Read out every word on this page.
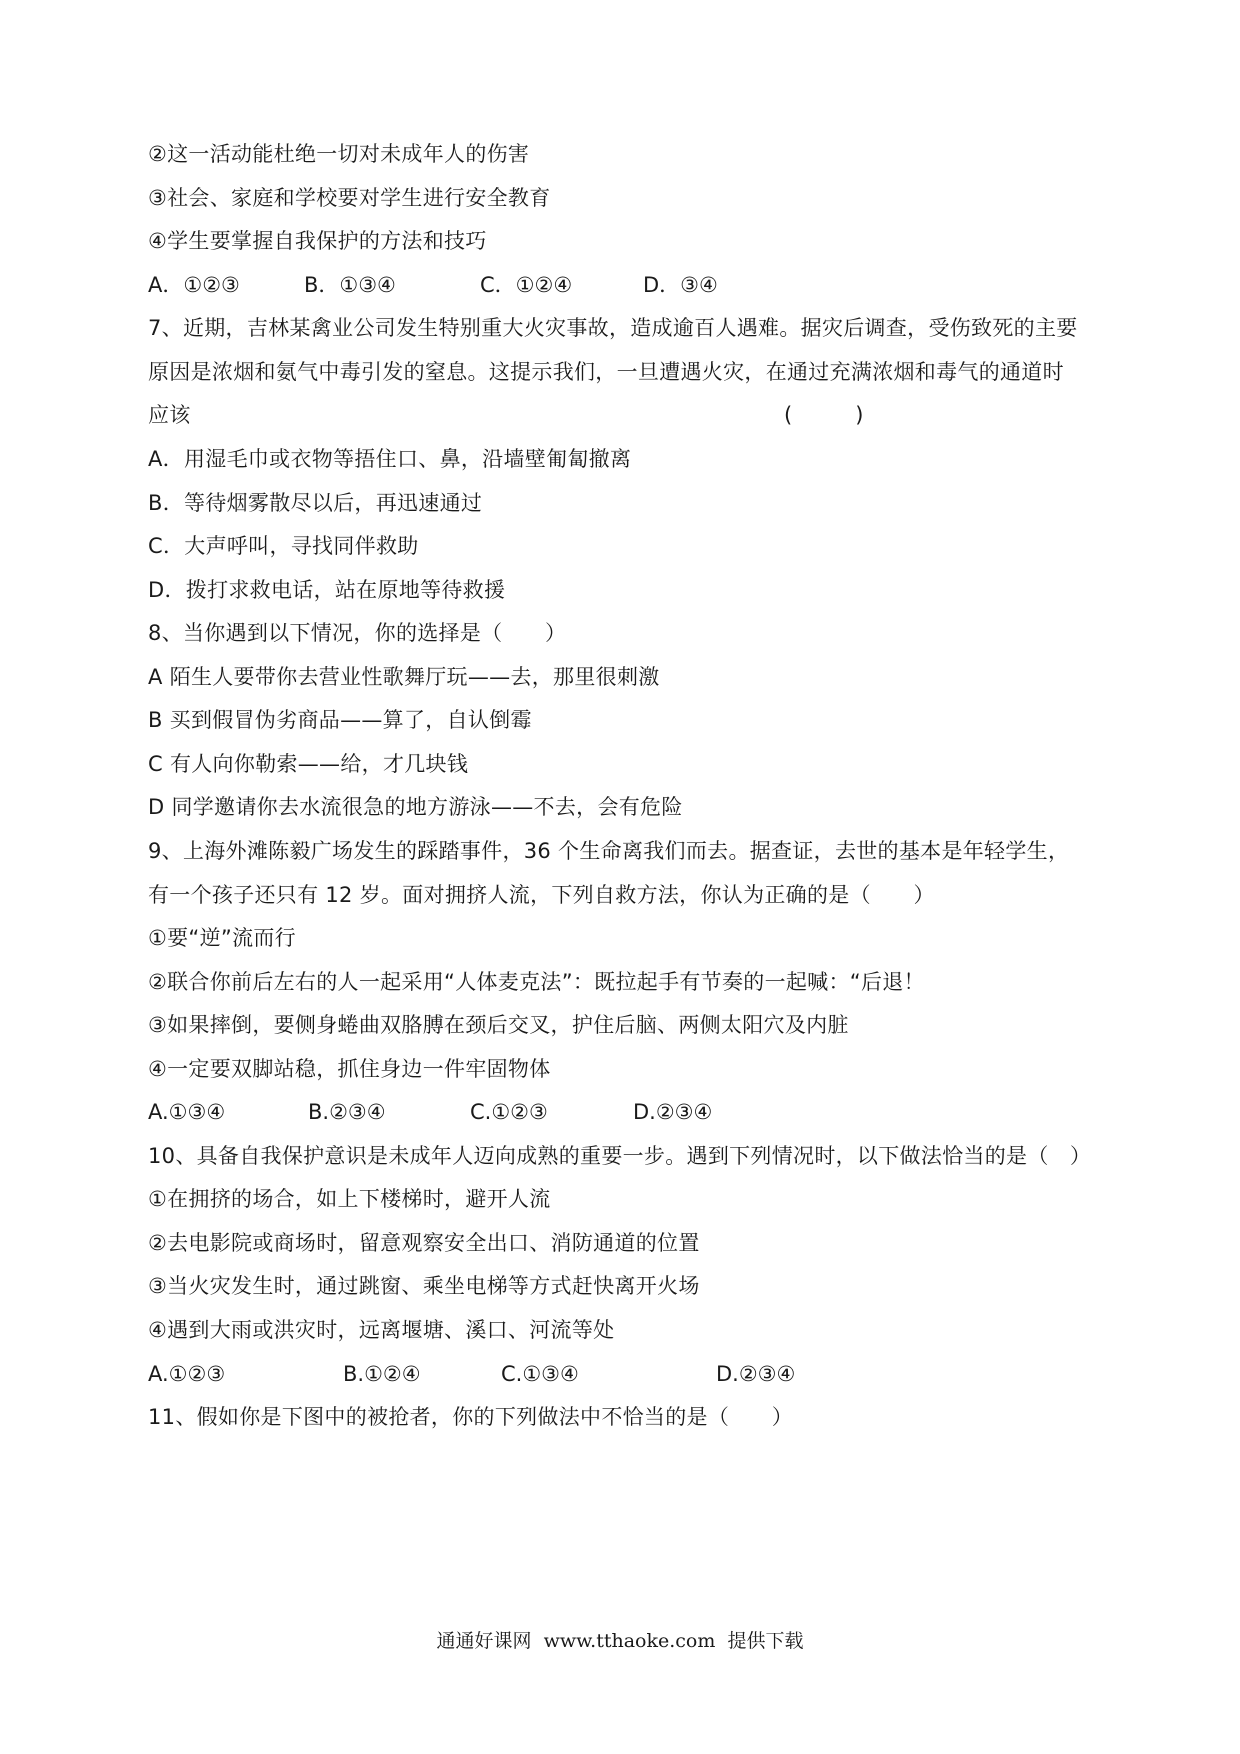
②这一活动能杜绝一切对未成年人的伤害
③社会、家庭和学校要对学生进行安全教育
④学生要掌握自我保护的方法和技巧

A．①②③

	B．①③④

	C．①②④

	D．③④

7、近期，吉林某禽业公司发生特别重大火灾事故，造成逾百人遇难。据灾后调查，受伤致死的主要
原因是浓烟和氨气中毒引发的窒息。这提示我们，一旦遭遇火灾，在通过充满浓烟和毒气的通道时
应该	(　　　)
A．用湿毛巾或衣物等捂住口、鼻，沿墙壁匍匐撤离
B．等待烟雾散尽以后，再迅速通过
C．大声呼叫，寻找同伴救助
D．拨打求救电话，站在原地等待救援
8、当你遇到以下情况，你的选择是（　　）
A 陌生人要带你去营业性歌舞厅玩——去，那里很刺激
B 买到假冒伪劣商品——算了，自认倒霉
C 有人向你勒索——给，才几块钱
D 同学邀请你去水流很急的地方游泳——不去，会有危险
9、上海外滩陈毅广场发生的踩踏事件，36 个生命离我们而去。据查证，去世的基本是年轻学生，
有一个孩子还只有 12 岁。面对拥挤人流，下列自救方法，你认为正确的是（　　）
①要“逆”流而行
②联合你前后左右的人一起采用“人体麦克法”：既拉起手有节奏的一起喊：“后退！
③如果摔倒，要侧身蜷曲双胳膊在颈后交叉，护住后脑、两侧太阳穴及内脏
④一定要双脚站稳，抓住身边一件牢固物体

A.①③④

	B.②③④

	C.①②③

	D.②③④

10、具备自我保护意识是未成年人迈向成熟的重要一步。遇到下列情况时，以下做法恰当的是（　）
①在拥挤的场合，如上下楼梯时，避开人流
②去电影院或商场时，留意观察安全出口、消防通道的位置
③当火灾发生时，通过跳窗、乘坐电梯等方式赶快离开火场
④遇到大雨或洪灾时，远离堰塘、溪口、河流等处

A.①②③

	B.①②④

	C.①③④

	D.②③④

11、假如你是下图中的被抢者，你的下列做法中不恰当的是（　　）
通通好课网  www.tthaoke.com  提供下载
